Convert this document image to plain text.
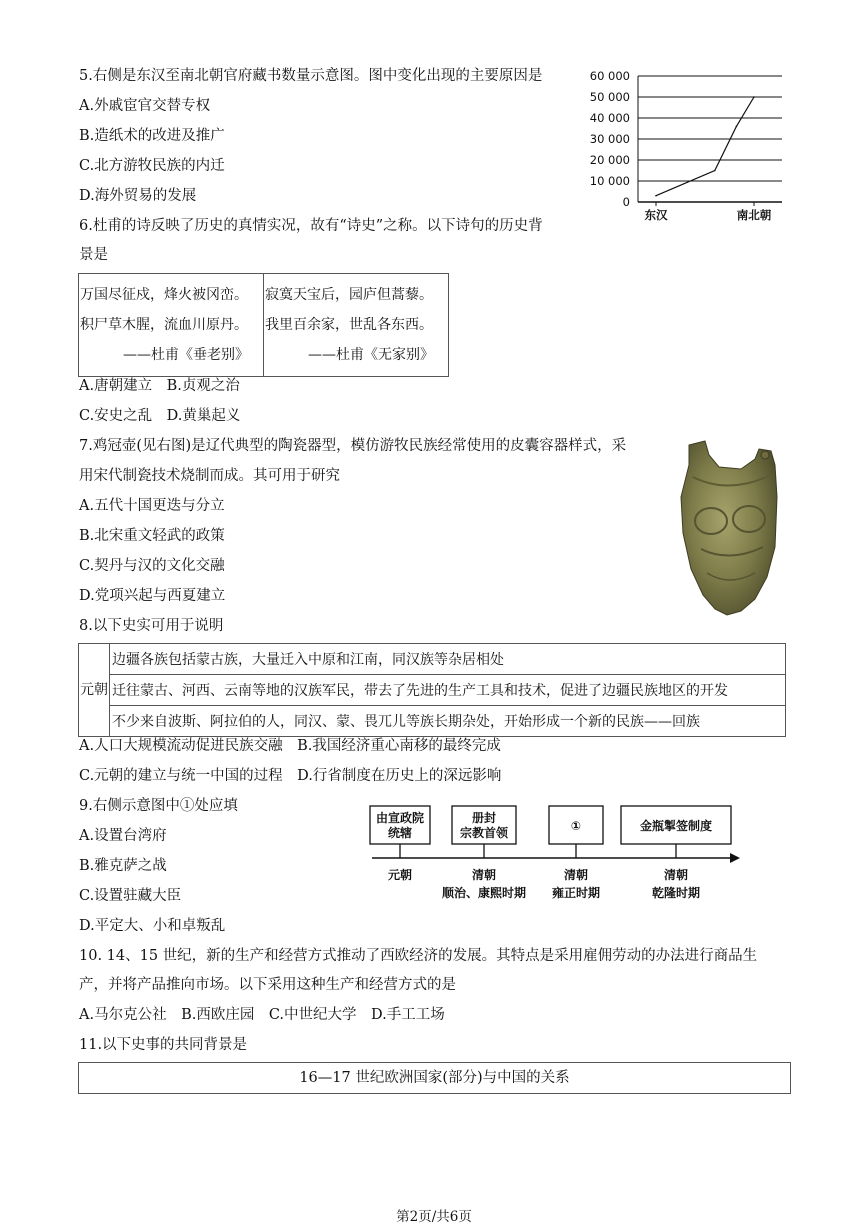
5.右侧是东汉至南北朝官府藏书数量示意图。图中变化出现的主要原因是
A.外戚宦官交替专权
B.造纸术的改进及推广
C.北方游牧民族的内迁
D.海外贸易的发展
60 000
50 000
40 000
30 000
20 000
10 000
0
东汉	南北朝
6.杜甫的诗反映了历史的真情实况，故有“诗史”之称。以下诗句的历史背
景是
万国尽征戍，烽火被冈峦。
积尸草木腥，流血川原丹。
——杜甫《垂老别》
寂寞天宝后，园庐但蒿藜。
我里百余家，世乱各东西。
——杜甫《无家别》
A.唐朝建立　B.贞观之治
C.安史之乱　D.黄巢起义
7.鸡冠壶(见右图)是辽代典型的陶瓷器型，模仿游牧民族经常使用的皮囊容器样式，采
用宋代制瓷技术烧制而成。其可用于研究
A.五代十国更迭与分立
B.北宋重文轻武的政策
C.契丹与汉的文化交融
D.党项兴起与西夏建立
8.以下史实可用于说明
元朝
边疆各族包括蒙古族，大量迁入中原和江南，同汉族等杂居相处
迁往蒙古、河西、云南等地的汉族军民，带去了先进的生产工具和技术，促进了边疆民族地区的开发
不少来自波斯、阿拉伯的人，同汉、蒙、畏兀儿等族长期杂处，开始形成一个新的民族——回族
A.人口大规模流动促进民族交融　B.我国经济重心南移的最终完成
C.元朝的建立与统一中国的过程　D.行省制度在历史上的深远影响
9.右侧示意图中①处应填
A.设置台湾府
B.雅克萨之战
C.设置驻藏大臣
D.平定大、小和卓叛乱
由宣政院
统辖
册封
宗教首领	①	金瓶掣签制度
元朝	清朝
顺治、康熙时期
清朝
雍正时期
清朝
乾隆时期
10. 14、15 世纪，新的生产和经营方式推动了西欧经济的发展。其特点是采用雇佣劳动的办法进行商品生
产，并将产品推向市场。以下采用这种生产和经营方式的是
A.马尔克公社　B.西欧庄园　C.中世纪大学　D.手工工场
11.以下史事的共同背景是
16—17 世纪欧洲国家(部分)与中国的关系
第2页/共6页
